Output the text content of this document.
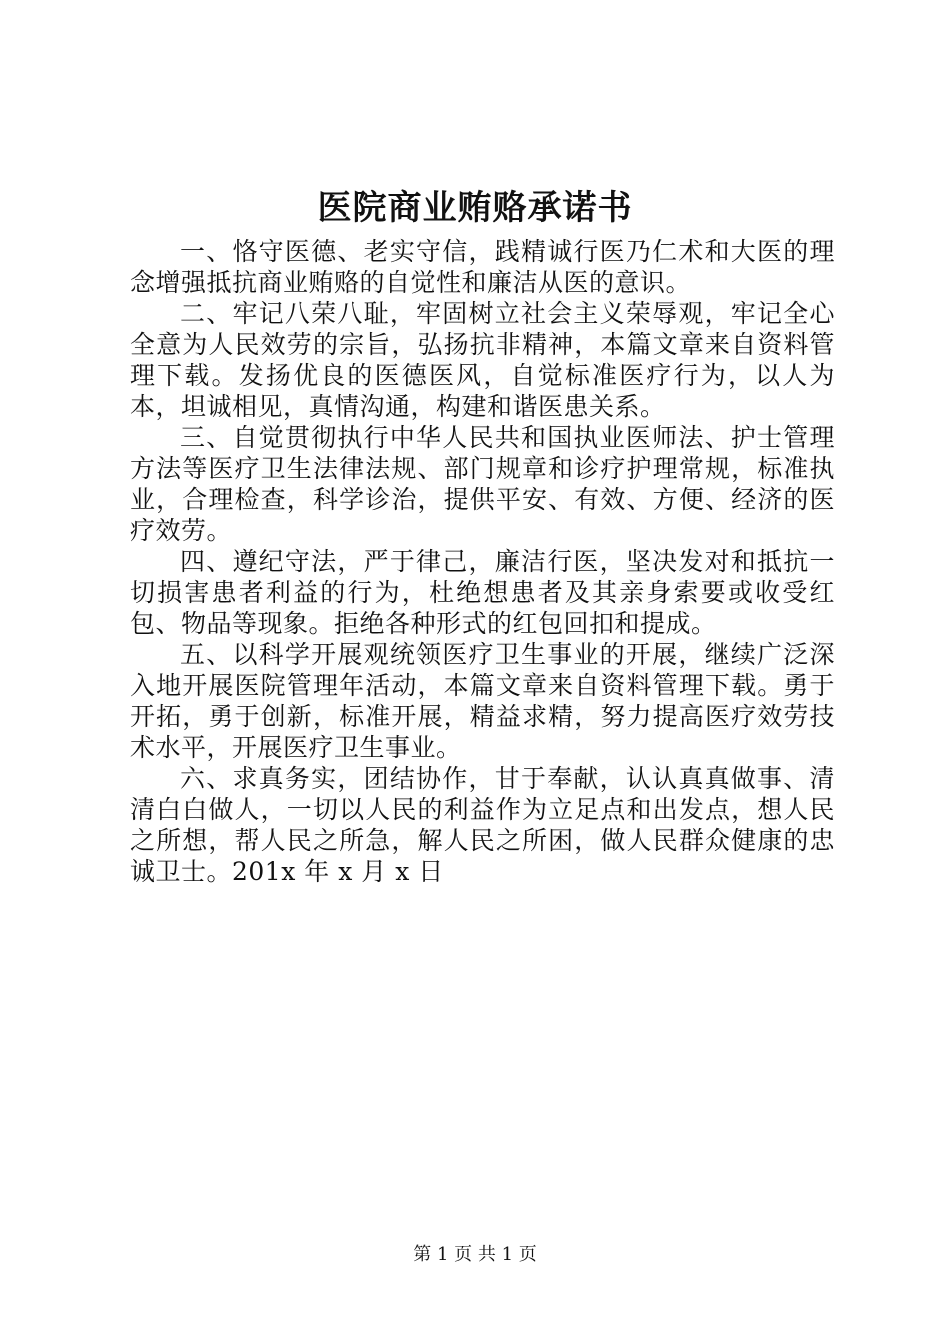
医院商业贿赂承诺书

一、恪守医德、老实守信，践精诚行医乃仁术和大医的理念增强抵抗商业贿赂的自觉性和廉洁从医的意识。

二、牢记八荣八耻，牢固树立社会主义荣辱观，牢记全心全意为人民效劳的宗旨，弘扬抗非精神，本篇文章来自资料管理下载。发扬优良的医德医风，自觉标准医疗行为，以人为本，坦诚相见，真情沟通，构建和谐医患关系。

三、自觉贯彻执行中华人民共和国执业医师法、护士管理方法等医疗卫生法律法规、部门规章和诊疗护理常规，标准执业，合理检查，科学诊治，提供平安、有效、方便、经济的医疗效劳。

四、遵纪守法，严于律己，廉洁行医，坚决发对和抵抗一切损害患者利益的行为，杜绝想患者及其亲身索要或收受红包、物品等现象。拒绝各种形式的红包回扣和提成。

五、以科学开展观统领医疗卫生事业的开展，继续广泛深入地开展医院管理年活动，本篇文章来自资料管理下载。勇于开拓，勇于创新，标准开展，精益求精，努力提高医疗效劳技术水平，开展医疗卫生事业。

六、求真务实，团结协作，甘于奉献，认认真真做事、清清白白做人，一切以人民的利益作为立足点和出发点，想人民之所想，帮人民之所急，解人民之所困，做人民群众健康的忠诚卫士。201x 年 x 月 x 日

第 1 页 共 1 页
